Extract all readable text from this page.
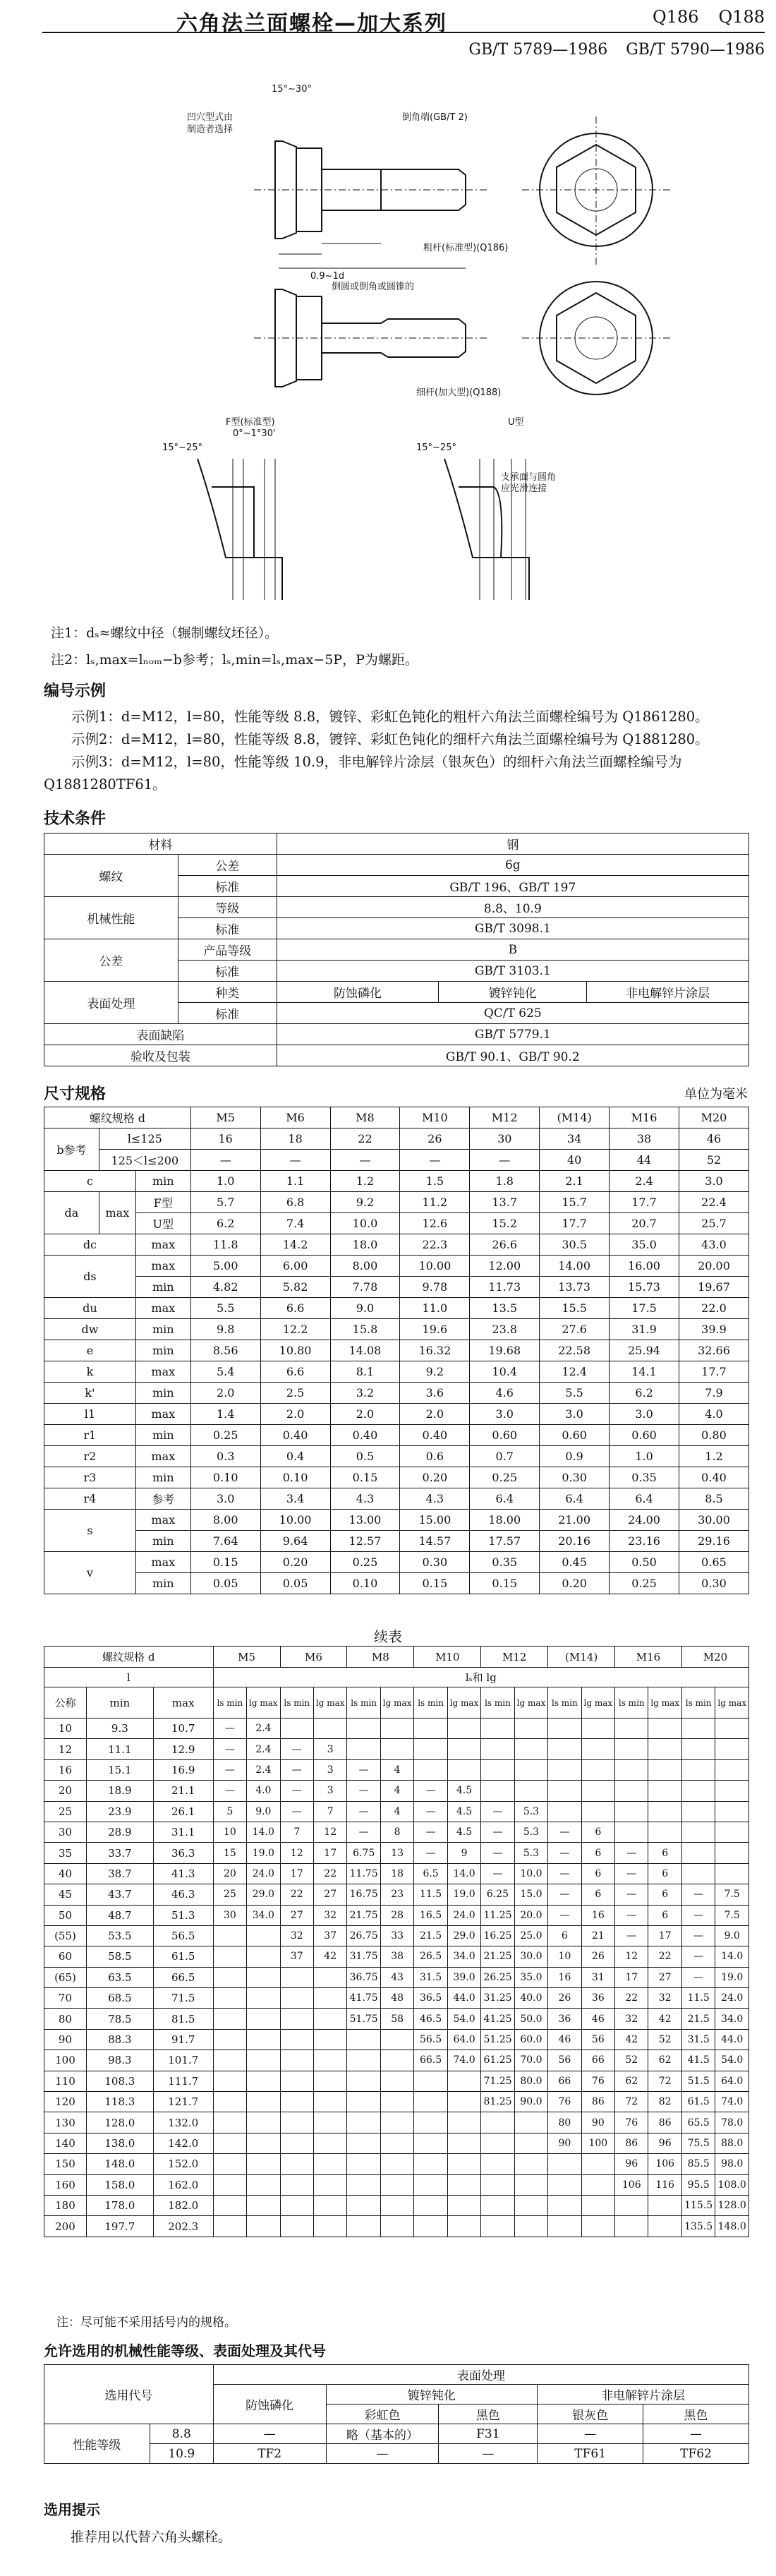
六角法兰面螺栓—加大系列	Q186 Q188
GB/T 5789—1986 GB/T 5790—1986
15°~30°
凹穴型式由
制造者选择
倒角端(GB/T 2)
粗杆(标准型)(Q186)
0.9~1d
倒圆或倒角或圆锥的
细杆(加大型)(Q188)
F型(标准型)
0°~1°30'
15°~25°
U型
15°~25°
支承面与圆角
应光滑连接
注1：dₛ≈螺纹中径（辗制螺纹坯径）。
注2：lₛ,max=lₙₒₘ−b参考；lₛ,min=lₛ,max−5P，P为螺距。
编号示例
示例1：d=M12，l=80，性能等级 8.8，镀锌、彩虹色钝化的粗杆六角法兰面螺栓编号为 Q1861280。
示例2：d=M12，l=80，性能等级 8.8，镀锌、彩虹色钝化的细杆六角法兰面螺栓编号为 Q1881280。
示例3：d=M12，l=80，性能等级 10.9，非电解锌片涂层（银灰色）的细杆六角法兰面螺栓编号为 Q1881280TF61。
技术条件
材料		钢		
螺纹	公差	6g		
	标准	GB/T 196、GB/T 197		
机械性能	等级	8.8、10.9		
	标准	GB/T 3098.1		
公差	产品等级	B		
	标准	GB/T 3103.1		
表面处理	种类	防蚀磷化	镀锌钝化	非电解锌片涂层
	标准	QC/T 625		
表面缺陷		GB/T 5779.1		
验收及包装		GB/T 90.1、GB/T 90.2		
尺寸规格	单位为毫米
螺纹规格 d			M5	M6	M8	M10	M12	(M14)	M16	M20
b参考	l≤125		16	18	22	26	30	34	38	46
	125＜l≤200		—	—	—	—	—	40	44	52
c		min	1.0	1.1	1.2	1.5	1.8	2.1	2.4	3.0
da	max	F型	5.7	6.8	9.2	11.2	13.7	15.7	17.7	22.4
		U型	6.2	7.4	10.0	12.6	15.2	17.7	20.7	25.7
dc		max	11.8	14.2	18.0	22.3	26.6	30.5	35.0	43.0
ds		max	5.00	6.00	8.00	10.00	12.00	14.00	16.00	20.00
		min	4.82	5.82	7.78	9.78	11.73	13.73	15.73	19.67
du		max	5.5	6.6	9.0	11.0	13.5	15.5	17.5	22.0
dw		min	9.8	12.2	15.8	19.6	23.8	27.6	31.9	39.9
e		min	8.56	10.80	14.08	16.32	19.68	22.58	25.94	32.66
k		max	5.4	6.6	8.1	9.2	10.4	12.4	14.1	17.7
k'		min	2.0	2.5	3.2	3.6	4.6	5.5	6.2	7.9
l1		max	1.4	2.0	2.0	2.0	3.0	3.0	3.0	4.0
r1		min	0.25	0.40	0.40	0.40	0.60	0.60	0.60	0.80
r2		max	0.3	0.4	0.5	0.6	0.7	0.9	1.0	1.2
r3		min	0.10	0.10	0.15	0.20	0.25	0.30	0.35	0.40
r4		参考	3.0	3.4	4.3	4.3	6.4	6.4	6.4	8.5
s		max	8.00	10.00	13.00	15.00	18.00	21.00	24.00	30.00
		min	7.64	9.64	12.57	14.57	17.57	20.16	23.16	29.16
v		max	0.15	0.20	0.25	0.30	0.35	0.45	0.50	0.65
		min	0.05	0.05	0.10	0.15	0.15	0.20	0.25	0.30
续表
螺纹规格 d			M5		M6		M8		M10		M12		(M14)		M16		M20	
l			lₛ和 lg															
公称	min	max	ls min	lg max	ls min	lg max	ls min	lg max	ls min	lg max	ls min	lg max	ls min	lg max	ls min	lg max	ls min	lg max
10	9.3	10.7	—	2.4														
12	11.1	12.9	—	2.4	—	3												
16	15.1	16.9	—	2.4	—	3	—	4										
20	18.9	21.1	—	4.0	—	3	—	4	—	4.5								
25	23.9	26.1	5	9.0	—	7	—	4	—	4.5	—	5.3						
30	28.9	31.1	10	14.0	7	12	—	8	—	4.5	—	5.3	—	6				
35	33.7	36.3	15	19.0	12	17	6.75	13	—	9	—	5.3	—	6	—	6		
40	38.7	41.3	20	24.0	17	22	11.75	18	6.5	14.0	—	10.0	—	6	—	6		
45	43.7	46.3	25	29.0	22	27	16.75	23	11.5	19.0	6.25	15.0	—	6	—	6	—	7.5
50	48.7	51.3	30	34.0	27	32	21.75	28	16.5	24.0	11.25	20.0	—	16	—	6	—	7.5
(55)	53.5	56.5			32	37	26.75	33	21.5	29.0	16.25	25.0	6	21	—	17	—	9.0
60	58.5	61.5			37	42	31.75	38	26.5	34.0	21.25	30.0	10	26	12	22	—	14.0
(65)	63.5	66.5					36.75	43	31.5	39.0	26.25	35.0	16	31	17	27	—	19.0
70	68.5	71.5					41.75	48	36.5	44.0	31.25	40.0	26	36	22	32	11.5	24.0
80	78.5	81.5					51.75	58	46.5	54.0	41.25	50.0	36	46	32	42	21.5	34.0
90	88.3	91.7							56.5	64.0	51.25	60.0	46	56	42	52	31.5	44.0
100	98.3	101.7							66.5	74.0	61.25	70.0	56	66	52	62	41.5	54.0
110	108.3	111.7									71.25	80.0	66	76	62	72	51.5	64.0
120	118.3	121.7									81.25	90.0	76	86	72	82	61.5	74.0
130	128.0	132.0											80	90	76	86	65.5	78.0
140	138.0	142.0											90	100	86	96	75.5	88.0
150	148.0	152.0													96	106	85.5	98.0
160	158.0	162.0													106	116	95.5	108.0
180	178.0	182.0															115.5	128.0
200	197.7	202.3															135.5	148.0
注：尽可能不采用括号内的规格。
允许选用的机械性能等级、表面处理及其代号
选用代号		表面处理				
		防蚀磷化	镀锌钝化		非电解锌片涂层	
			彩虹色	黑色	银灰色	黑色
性能等级	8.8	—	略（基本的）	F31	—	—
	10.9	TF2	—	—	TF61	TF62
选用提示
推荐用以代替六角头螺栓。
